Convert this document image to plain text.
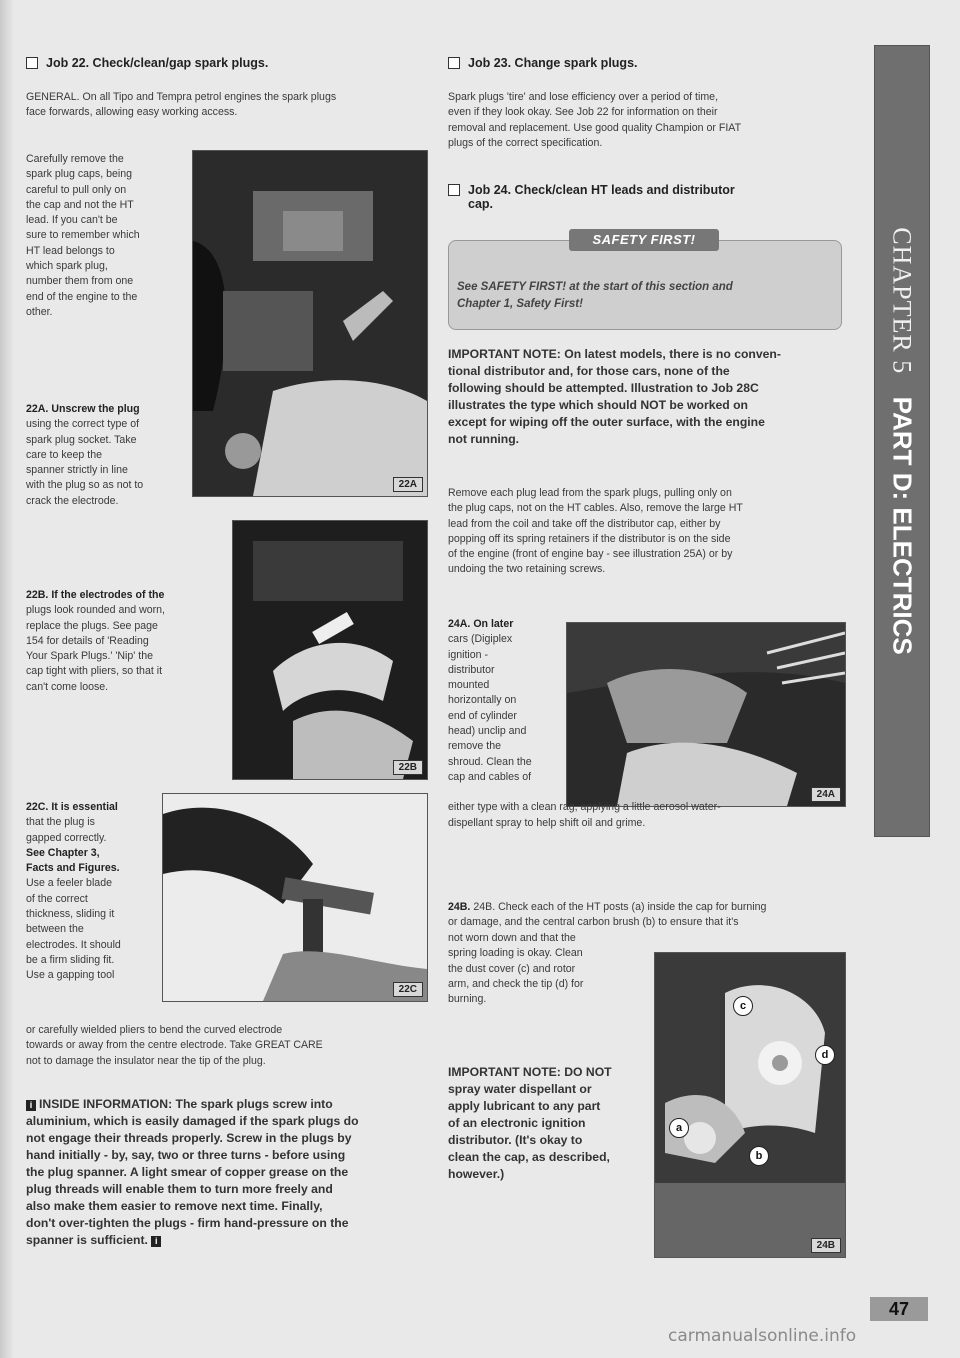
Job 22. Check/clean/gap spark plugs.
GENERAL. On all Tipo and Tempra petrol engines the spark plugs face forwards, allowing easy working access.
Carefully remove the
spark plug caps, being
careful to pull only on
the cap and not the HT
lead. If you can't be
sure to remember which
HT lead belongs to
which spark plug,
number them from one
end of the engine to the
other.
22A
22A. Unscrew the plug
using the correct type of
spark plug socket. Take
care to keep the
spanner strictly in line
with the plug so as not to
crack the electrode.
22B
22B. If the electrodes of the
plugs look rounded and worn,
replace the plugs. See page
154 for details of 'Reading
Your Spark Plugs.' 'Nip' the
cap tight with pliers, so that it
can't come loose.
22C
22C. It is essential
that the plug is
gapped correctly.
See Chapter 3,
Facts and Figures.
Use a feeler blade
of the correct
thickness, sliding it
between the
electrodes. It should
be a firm sliding fit.
Use a gapping tool
or carefully wielded pliers to bend the curved electrode
towards or away from the centre electrode. Take GREAT CARE
not to damage the insulator near the tip of the plug.
i INSIDE INFORMATION: The spark plugs screw into
aluminium, which is easily damaged if the spark plugs do
not engage their threads properly. Screw in the plugs by
hand initially - by, say, two or three turns - before using
the plug spanner. A light smear of copper grease on the
plug threads will enable them to turn more freely and
also make them easier to remove next time. Finally,
don't over-tighten the plugs - firm hand-pressure on the
spanner is sufficient. i
Job 23. Change spark plugs.
Spark plugs 'tire' and lose efficiency over a period of time,
even if they look okay. See Job 22 for information on their
removal and replacement. Use good quality Champion or FIAT
plugs of the correct specification.
Job 24. Check/clean HT leads and distributor
cap.
SAFETY FIRST!
See SAFETY FIRST! at the start of this section and
Chapter 1, Safety First!
IMPORTANT NOTE: On latest models, there is no conven-
tional distributor and, for those cars, none of the
following should be attempted. Illustration to Job 28C
illustrates the type which should NOT be worked on
except for wiping off the outer surface, with the engine
not running.
Remove each plug lead from the spark plugs, pulling only on
the plug caps, not on the HT cables. Also, remove the large HT
lead from the coil and take off the distributor cap, either by
popping off its spring retainers if the distributor is on the side
of the engine (front of engine bay - see illustration 25A) or by
undoing the two retaining screws.
24A. On later
cars (Digiplex
ignition -
distributor
mounted
horizontally on
end of cylinder
head) unclip and
remove the
shroud. Clean the
cap and cables of
24A
either type with a clean rag, applying a little aerosol water-
dispellant spray to help shift oil and grime.
24B. 24B. Check each of the HT posts (a) inside the cap for burning
or damage, and the central carbon brush (b) to ensure that it's
not worn down and that the
spring loading is okay. Clean
the dust cover (c) and rotor
arm, and check the tip (d) for
burning.
IMPORTANT NOTE: DO NOT
spray water dispellant or
apply lubricant to any part
of an electronic ignition
distributor. (It's okay to
clean the cap, as described,
however.)
c
d
a
b
24B
CHAPTER 5 PART D: ELECTRICS
47
carmanualsonline.info
